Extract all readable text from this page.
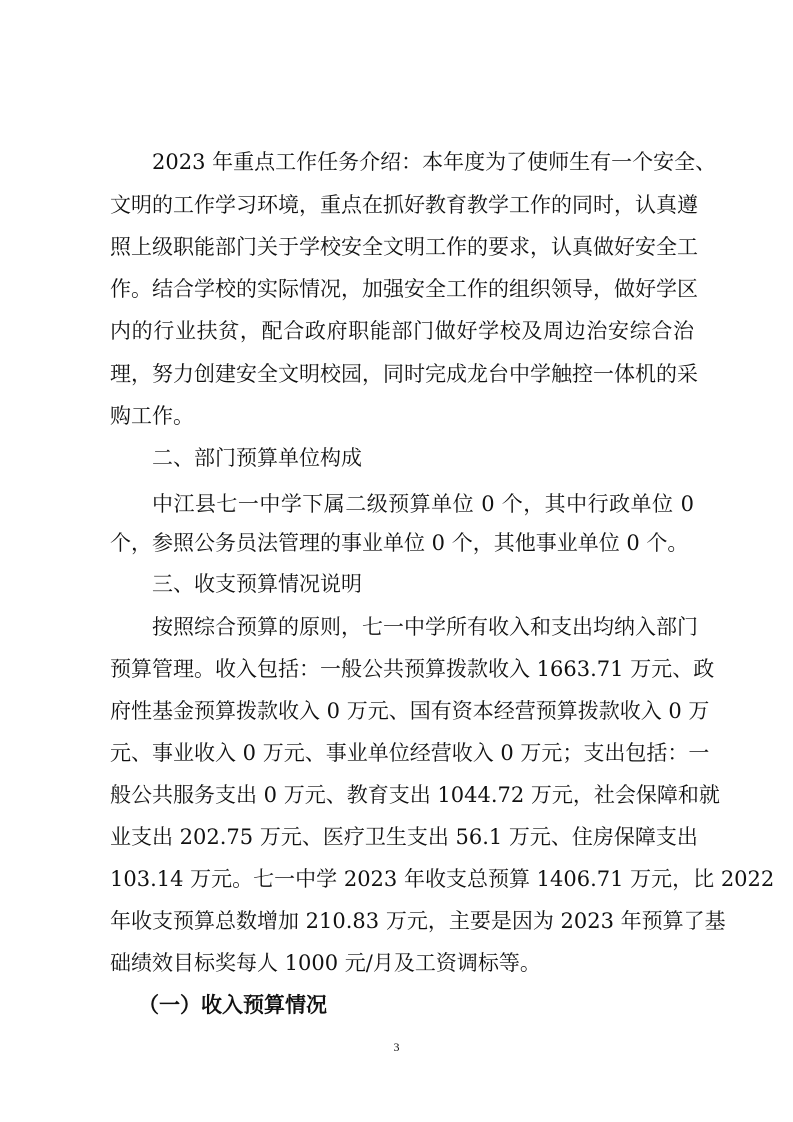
2023 年重点工作任务介绍：本年度为了使师生有一个安全、
文明的工作学习环境，重点在抓好教育教学工作的同时，认真遵
照上级职能部门关于学校安全文明工作的要求，认真做好安全工
作。结合学校的实际情况，加强安全工作的组织领导，做好学区
内的行业扶贫，配合政府职能部门做好学校及周边治安综合治
理，努力创建安全文明校园，同时完成龙台中学触控一体机的采
购工作。
二、部门预算单位构成
中江县七一中学下属二级预算单位 0 个，其中行政单位 0
个，参照公务员法管理的事业单位 0 个，其他事业单位 0 个。
三、收支预算情况说明
按照综合预算的原则，七一中学所有收入和支出均纳入部门
预算管理。收入包括：一般公共预算拨款收入 1663.71 万元、政
府性基金预算拨款收入 0 万元、国有资本经营预算拨款收入 0 万
元、事业收入 0 万元、事业单位经营收入 0 万元；支出包括：一
般公共服务支出 0 万元、教育支出 1044.72 万元，社会保障和就
业支出 202.75 万元、医疗卫生支出 56.1 万元、住房保障支出
103.14 万元。七一中学 2023 年收支总预算 1406.71 万元，比 2022
年收支预算总数增加 210.83 万元，主要是因为 2023 年预算了基
础绩效目标奖每人 1000 元/月及工资调标等。
（一）收入预算情况
3
